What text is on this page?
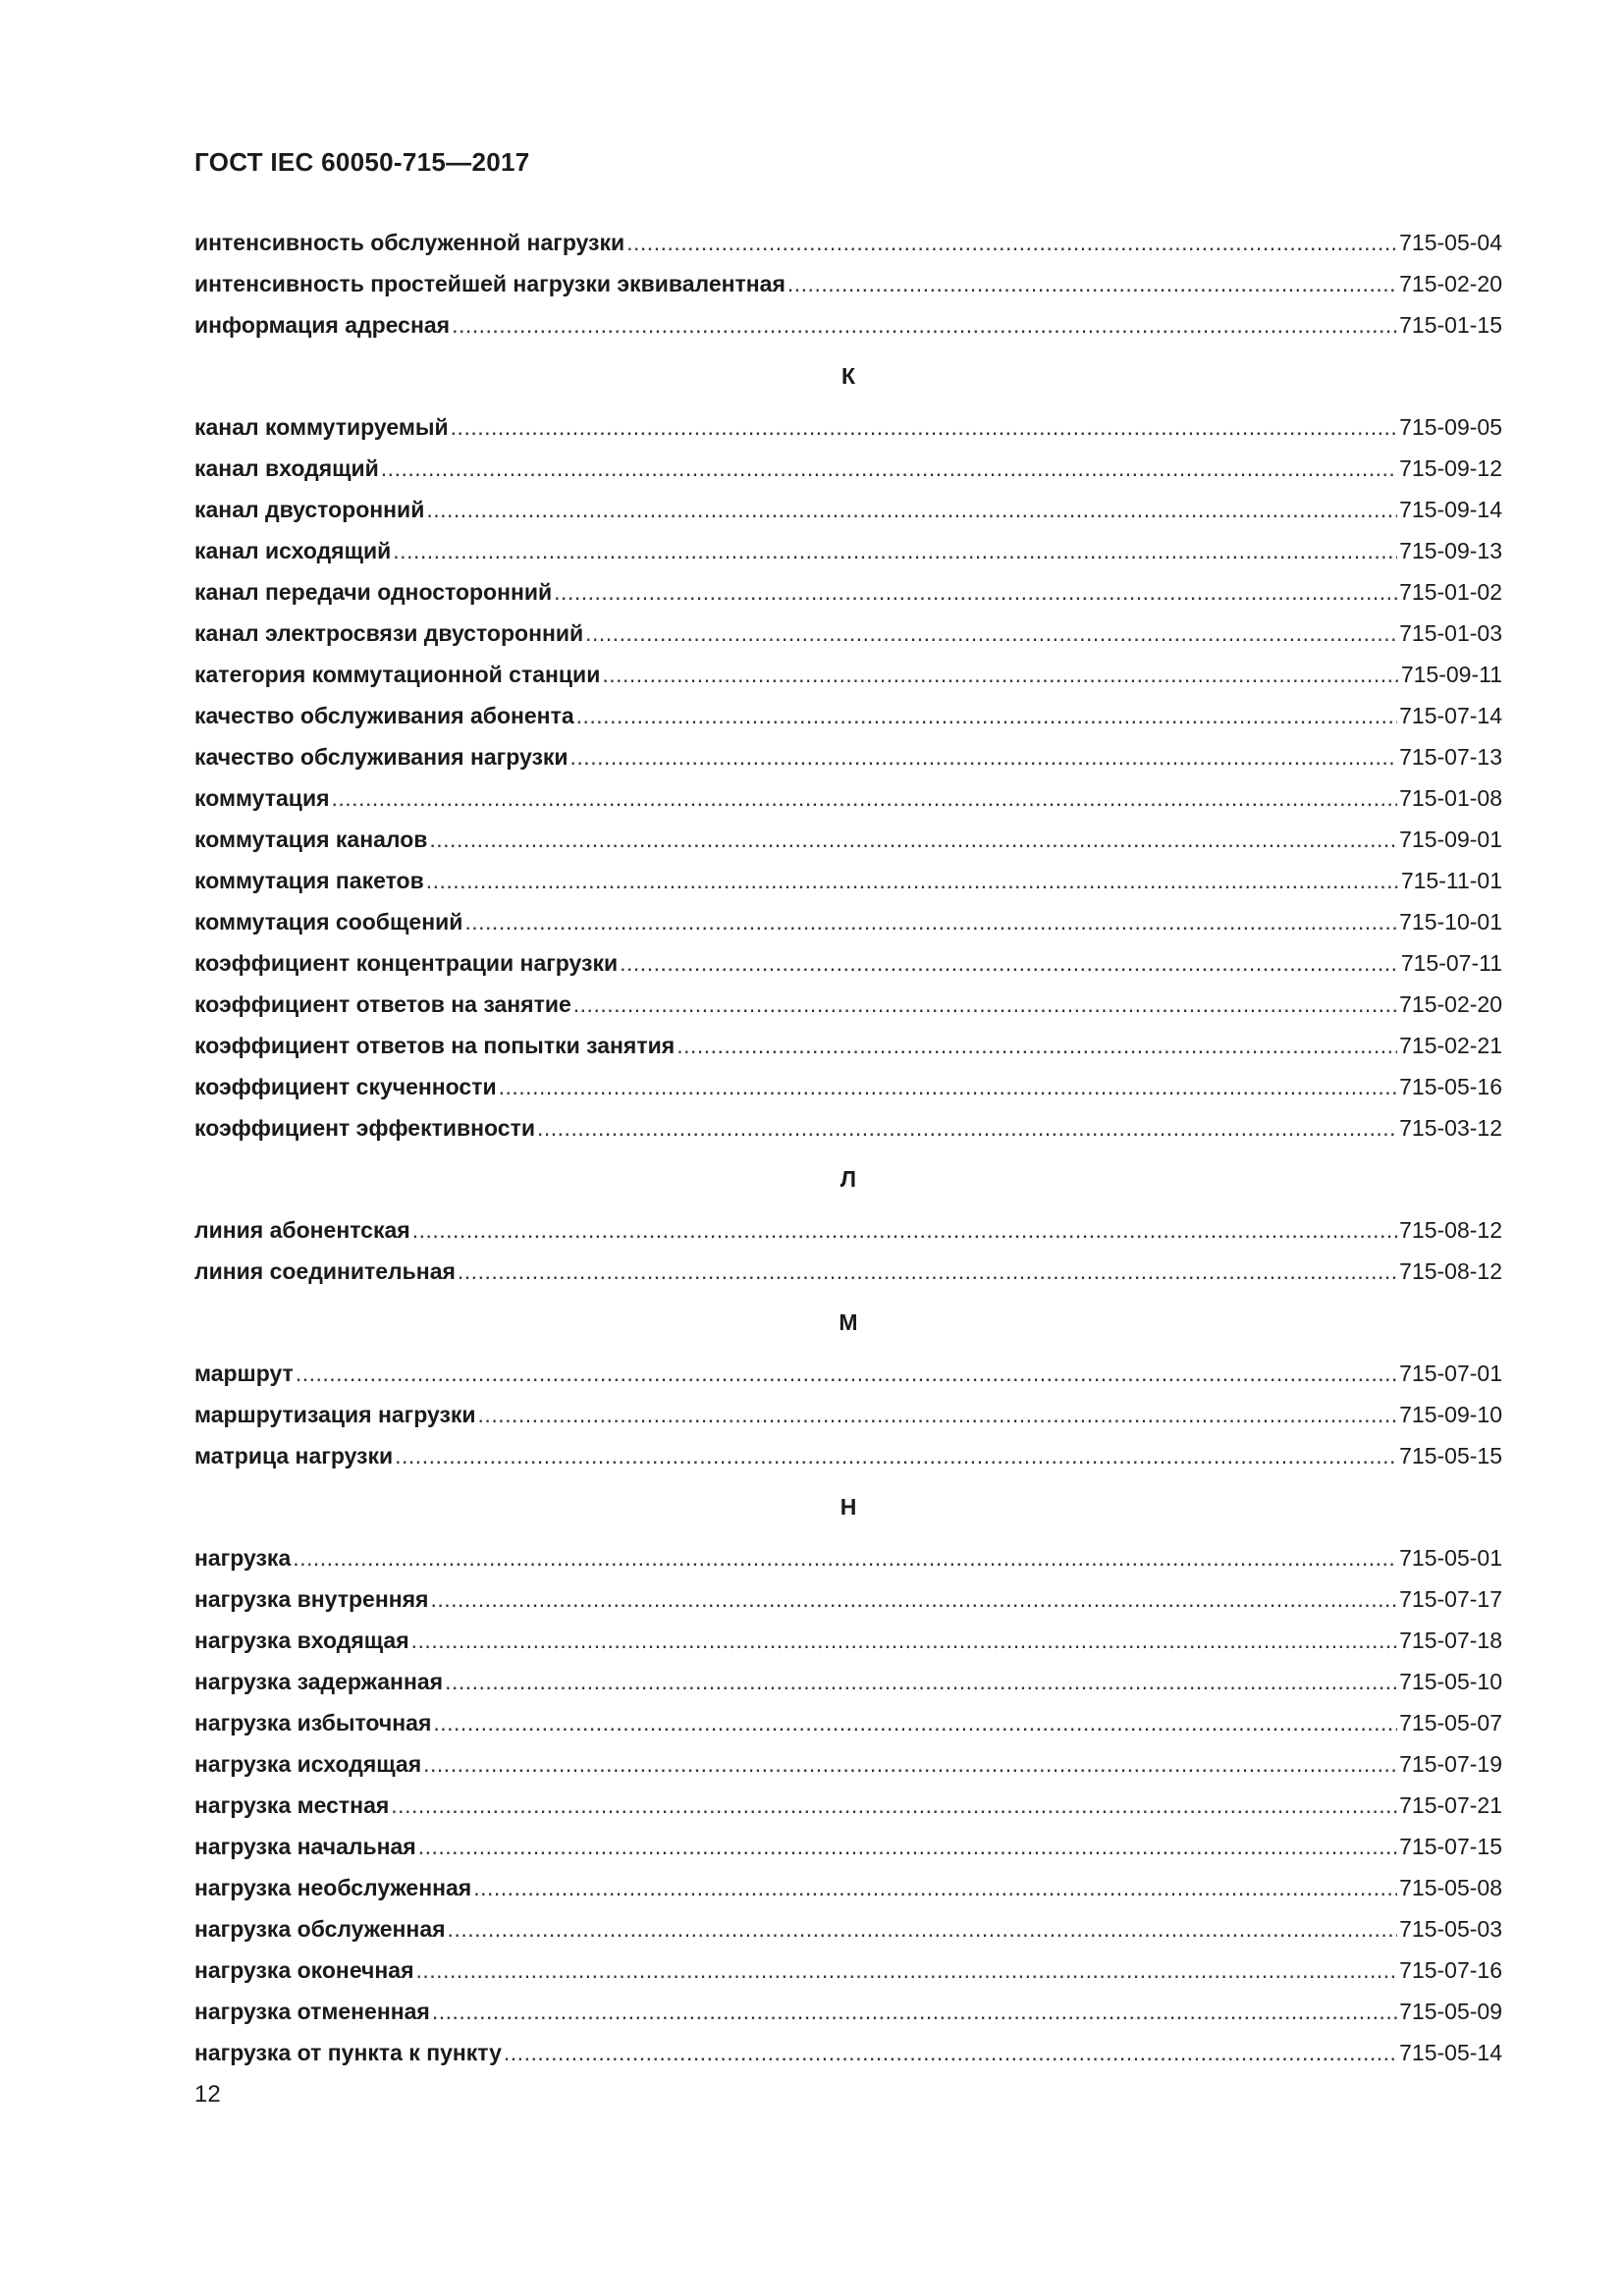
ГОСТ IEC 60050-715—2017
интенсивность обслуженной нагрузки .....	715-05-04
интенсивность простейшей нагрузки эквивалентная .....	715-02-20
информация адресная .....	715-01-15
К
канал коммутируемый .....	715-09-05
канал входящий .....	715-09-12
канал двусторонний .....	715-09-14
канал исходящий .....	715-09-13
канал передачи односторонний .....	715-01-02
канал электросвязи двусторонний .....	715-01-03
категория коммутационной станции .....	715-09-11
качество обслуживания абонента .....	715-07-14
качество обслуживания нагрузки .....	715-07-13
коммутация .....	715-01-08
коммутация каналов .....	715-09-01
коммутация пакетов .....	715-11-01
коммутация сообщений .....	715-10-01
коэффициент концентрации нагрузки .....	715-07-11
коэффициент ответов на занятие .....	715-02-20
коэффициент ответов на попытки занятия .....	715-02-21
коэффициент скученности .....	715-05-16
коэффициент эффективности .....	715-03-12
Л
линия абонентская .....	715-08-12
линия соединительная .....	715-08-12
М
маршрут .....	715-07-01
маршрутизация нагрузки .....	715-09-10
матрица нагрузки .....	715-05-15
Н
нагрузка .....	715-05-01
нагрузка внутренняя .....	715-07-17
нагрузка входящая .....	715-07-18
нагрузка задержанная .....	715-05-10
нагрузка избыточная .....	715-05-07
нагрузка исходящая .....	715-07-19
нагрузка местная .....	715-07-21
нагрузка начальная .....	715-07-15
нагрузка необслуженная .....	715-05-08
нагрузка обслуженная .....	715-05-03
нагрузка оконечная .....	715-07-16
нагрузка отмененная .....	715-05-09
нагрузка от пункта к пункту .....	715-05-14
12
